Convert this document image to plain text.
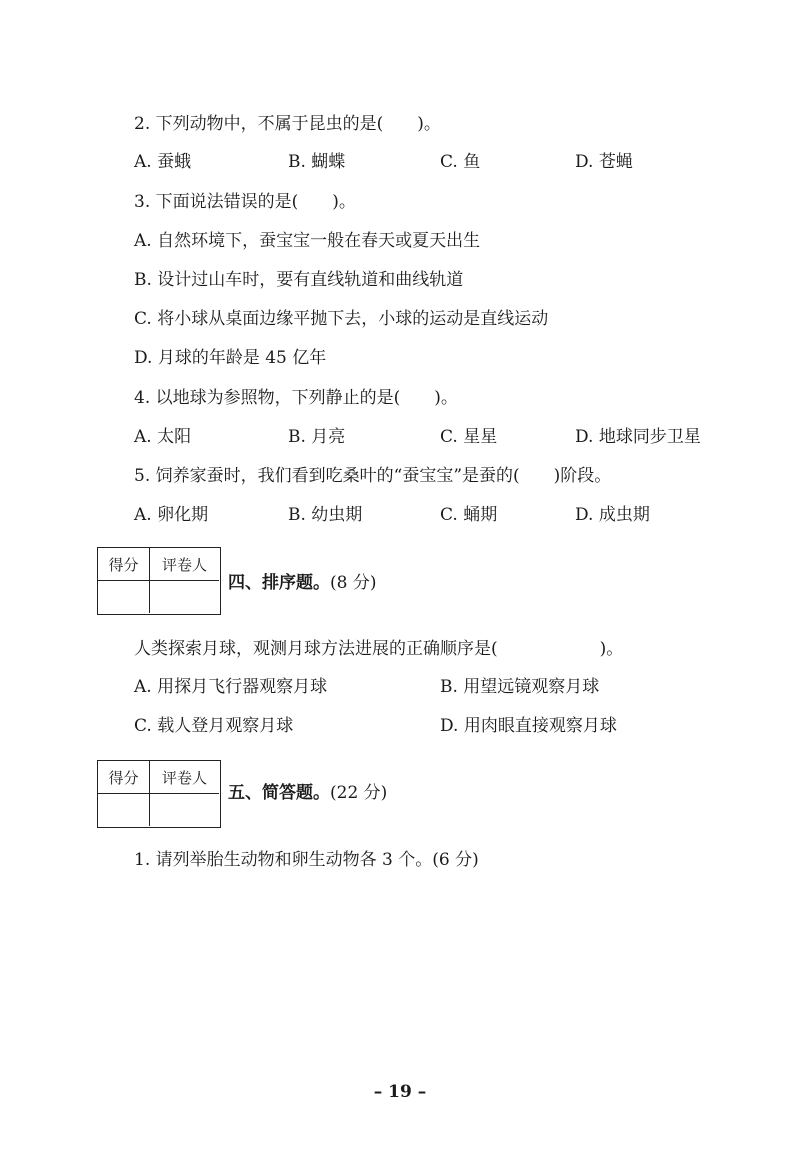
2. 下列动物中，不属于昆虫的是(　　)。
A. 蚕蛾	B. 蝴蝶	C. 鱼	D. 苍蝇
3. 下面说法错误的是(　　)。
A. 自然环境下，蚕宝宝一般在春天或夏天出生
B. 设计过山车时，要有直线轨道和曲线轨道
C. 将小球从桌面边缘平抛下去，小球的运动是直线运动
D. 月球的年龄是 45 亿年
4. 以地球为参照物，下列静止的是(　　)。
A. 太阳	B. 月亮	C. 星星	D. 地球同步卫星
5. 饲养家蚕时，我们看到吃桑叶的“蚕宝宝”是蚕的(　　)阶段。
A. 卵化期	B. 幼虫期	C. 蛹期	D. 成虫期
得分	评卷人
四、排序题。(8 分)
人类探索月球，观测月球方法进展的正确顺序是(　　　　　　)。
A. 用探月飞行器观察月球	B. 用望远镜观察月球
C. 载人登月观察月球	D. 用肉眼直接观察月球
得分	评卷人
五、简答题。(22 分)
1. 请列举胎生动物和卵生动物各 3 个。(6 分)
– 19 –
